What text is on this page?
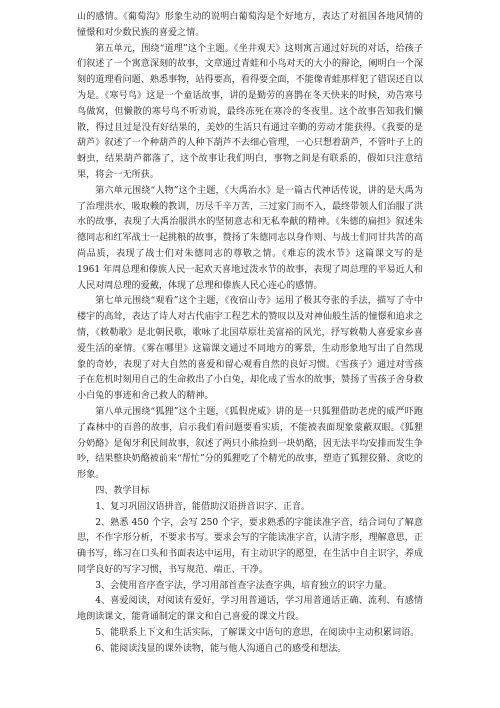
山的感情。《葡萄沟》形象生动的说明白葡萄沟是个好地方，表达了对祖国各地风情的憧憬和对少数民族的喜爱之情。

第五单元，围绕“道理”这个主题。《坐井观天》这则寓言通过好玩的对话，给孩子们叙述了一个寓意深刻的故事，文章通过青蛙和小鸟对天的大小的辩论，阐明白一个深刻的道理看问题、熟悉事物，站得要高，看得要全面，不能像青蛙那样犯了错误还自以为是。《寒号鸟》这是一个童话故事，讲的是勤劳的喜鹊在冬天快来的时候，劝告寒号鸟做窝，但懒散的寒号鸟不听劝说，最终冻死在寒冷的冬夜里。这个故事告知我们懒散，得过且过是没有好结果的，美妙的生活只有通过辛勤的劳动才能获得。《我要的是葫芦》叙述了一个种葫芦的人种下葫芦不去细心管理，一心只想着葫芦，不管叶子上的蚜虫，结果葫芦都落了，这个故事让我们明白，事物之间是有联系的，假如只注意结果，将会一无所获。

第六单元围绕“人物”这个主题，《大禹治水》是一篇古代神话传说，讲的是大禹为了治理洪水，吸取赖的教训，历尽千辛万苦，三过家门而不入，最终带领人们治服了洪水的故事，表现了大禹治服洪水的坚韧意志和无私奉献的精神。《朱德的扁担》叙述朱德同志和红军战士一起挑粮的故事，赞扬了朱德同志以身作则、与战士们同甘共苦的高尚品质，表现了战士们对朱德同志的尊敬之情。《难忘的泼水节》这篇课文写的是 1961 年周总理和傣族人民一起欢天喜地过泼水节的故事，表现了周总理的平易近人和人民对周总理的爱戴，体现了总理和傣族人民心连心的感情。

第七单元围绕“观看”这个主题，《夜宿山寺》运用了极其夸张的手法，描写了寺中楼宇的高耸，表达了诗人对古代庙宇工程艺术的赞叹以及对神仙般生活的憧憬和追求之情，《敕勒歌》是北朝民歌，歌咏了北国草原壮美富裕的风光，抒写敕勒人喜爱家乡喜爱生活的豪情。《雾在哪里》这篇课文通过不同地方的雾景，生动形象地写出了自然现象的奇妙，表现了对大自然的喜爱和留心观看自然的良好习惯。《雪孩子》通过对雪孩子在危机时刻用自己的生命救出了小白兔，却化成了雪水的故事，赞扬了雪孩子舍身救小白兔的事迹和舍己救人的精神。

第八单元围绕“狐狸”这个主题，《狐假虎威》讲的是一只狐狸借助老虎的威严吓跑了森林中的百兽的故事，启示我们看问题要看实质，不能被表面现象蒙蔽双眼。《狐狸分奶酪》是匈牙利民间故事，叙述了两只小熊捡到一块奶酪，因无法平均安排而发生争吵，结果整块奶酪被前来“帮忙”分的狐狸吃了个精光的故事，塑造了狐狸狡猾、贪吃的形象。

四、教学目标

1、复习巩固汉语拼音，能借助汉语拼音识字、正音。

2、熟悉 450 个字，会写 250 个字，要求熟悉的字能读准字音，结合词句了解意思，不作字形分析，不要求书写。要求会写的字能读准字音，认清字形，理解意思，正确书写，练习在口头和书面表达中运用，有主动识字的愿望，在生活中自主识字，养成同学良好的写字习惯，书写规范、端正、干净。

3、会使用音序查字法，学习用部首查字法查字典，培育独立的识字力量。

4、喜爱阅读，对阅读有爱好，学习用普通话，学习用普通话正确、流利、有感情地朗读课文，能背诵制定的课文和自己喜爱的课文片段。

5、能联系上下文和生活实际，了解课文中语句的意思，在阅读中主动积累词语。

6、能阅读浅显的课外读物，能与他人沟通自己的感受和想法。
